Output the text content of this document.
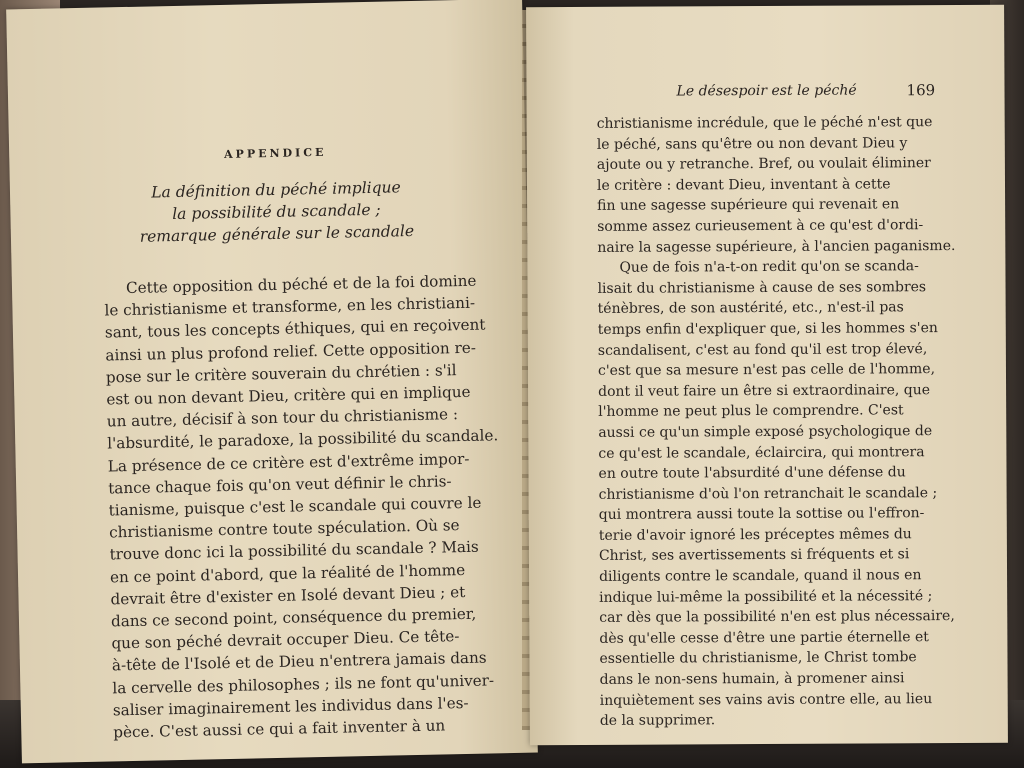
APPENDICE
La définition du péché implique
la possibilité du scandale ;
remarque générale sur le scandale
Cette opposition du péché et de la foi domine
le christianisme et transforme, en les christiani-
sant, tous les concepts éthiques, qui en reçoivent
ainsi un plus profond relief. Cette opposition re-
pose sur le critère souverain du chrétien : s'il
est ou non devant Dieu, critère qui en implique
un autre, décisif à son tour du christianisme :
l'absurdité, le paradoxe, la possibilité du scandale.
La présence de ce critère est d'extrême impor-
tance chaque fois qu'on veut définir le chris-
tianisme, puisque c'est le scandale qui couvre le
christianisme contre toute spéculation. Où se
trouve donc ici la possibilité du scandale ? Mais
en ce point d'abord, que la réalité de l'homme
devrait être d'exister en Isolé devant Dieu ; et
dans ce second point, conséquence du premier,
que son péché devrait occuper Dieu. Ce tête-
à-tête de l'Isolé et de Dieu n'entrera jamais dans
la cervelle des philosophes ; ils ne font qu'univer-
saliser imaginairement les individus dans l'es-
pèce. C'est aussi ce qui a fait inventer à un
Le désespoir est le péché	169
christianisme incrédule, que le péché n'est que
le péché, sans qu'être ou non devant Dieu y
ajoute ou y retranche. Bref, ou voulait éliminer
le critère : devant Dieu, inventant à cette
fin une sagesse supérieure qui revenait en
somme assez curieusement à ce qu'est d'ordi-
naire la sagesse supérieure, à l'ancien paganisme.
Que de fois n'a-t-on redit qu'on se scanda-
lisait du christianisme à cause de ses sombres
ténèbres, de son austérité, etc., n'est-il pas
temps enfin d'expliquer que, si les hommes s'en
scandalisent, c'est au fond qu'il est trop élevé,
c'est que sa mesure n'est pas celle de l'homme,
dont il veut faire un être si extraordinaire, que
l'homme ne peut plus le comprendre. C'est
aussi ce qu'un simple exposé psychologique de
ce qu'est le scandale, éclaircira, qui montrera
en outre toute l'absurdité d'une défense du
christianisme d'où l'on retranchait le scandale ;
qui montrera aussi toute la sottise ou l'effron-
terie d'avoir ignoré les préceptes mêmes du
Christ, ses avertissements si fréquents et si
diligents contre le scandale, quand il nous en
indique lui-même la possibilité et la nécessité ;
car dès que la possibilité n'en est plus nécessaire,
dès qu'elle cesse d'être une partie éternelle et
essentielle du christianisme, le Christ tombe
dans le non-sens humain, à promener ainsi
inquiètement ses vains avis contre elle, au lieu
de la supprimer.
